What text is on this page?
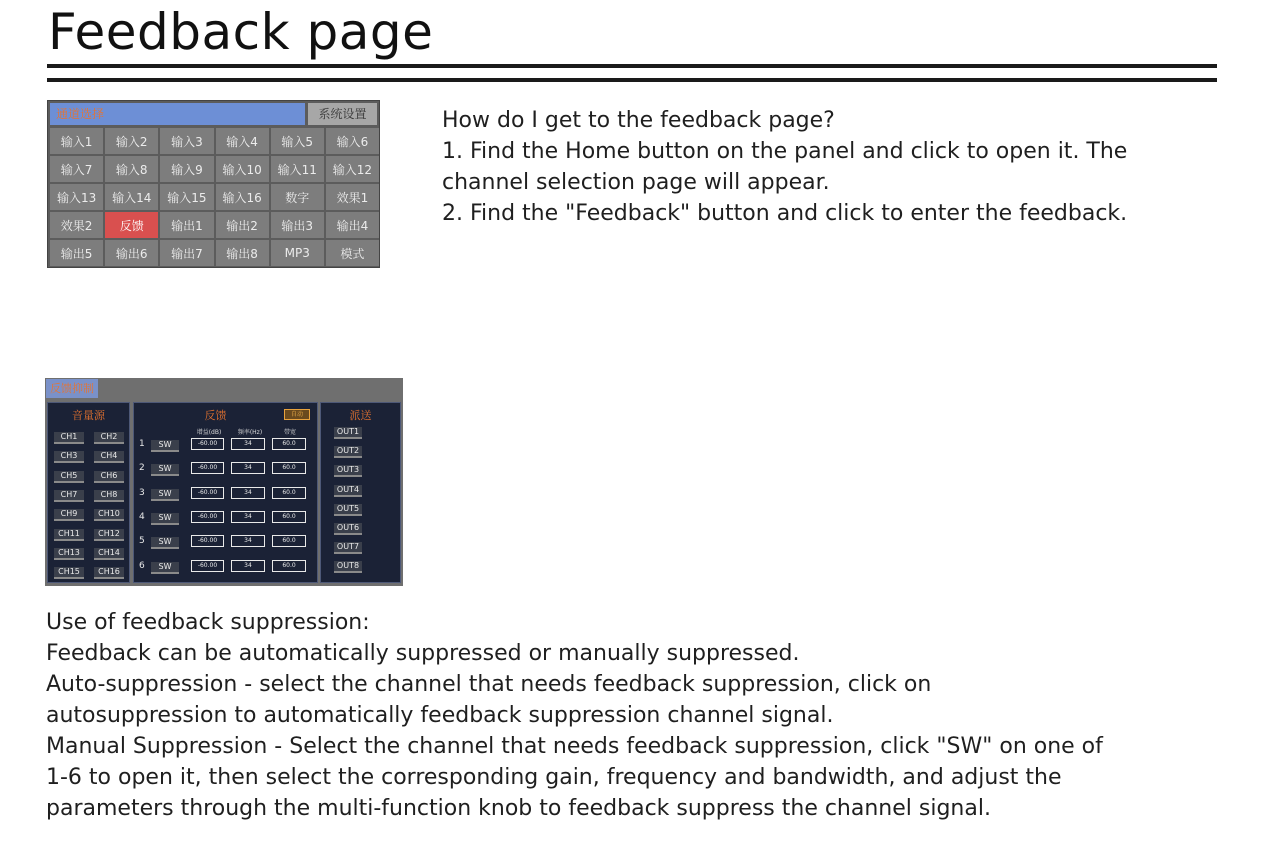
Feedback page
通道选择	系统设置
输入1	输入2	输入3	输入4	输入5	输入6
输入7	输入8	输入9	输入10	输入11	输入12
输入13	输入14	输入15	输入16	数字	效果1
效果2	反馈	输出1	输出2	输出3	输出4
输出5	输出6	输出7	输出8	MP3	模式
How do I get to the feedback page?
1. Find the Home button on the panel and click to open it. The
channel selection page will appear.
2. Find the "Feedback" button and click to enter the feedback.
反馈抑制
音量源
CH1	CH2
CH3	CH4
CH5	CH6
CH7	CH8
CH9	CH10
CH11	CH12
CH13	CH14
CH15	CH16
反馈	自动
增益(dB)	频率(Hz)	带宽
1	SW	-60.00	34	60.0
2	SW	-60.00	34	60.0
3	SW	-60.00	34	60.0
4	SW	-60.00	34	60.0
5	SW	-60.00	34	60.0
6	SW	-60.00	34	60.0
派送
OUT1
OUT2
OUT3
OUT4
OUT5
OUT6
OUT7
OUT8
Use of feedback suppression:
Feedback can be automatically suppressed or manually suppressed.
Auto-suppression - select the channel that needs feedback suppression, click on
autosuppression to automatically feedback suppression channel signal.
Manual Suppression - Select the channel that needs feedback suppression, click "SW" on one of
1-6 to open it, then select the corresponding gain, frequency and bandwidth, and adjust the
parameters through the multi-function knob to feedback suppress the channel signal.
